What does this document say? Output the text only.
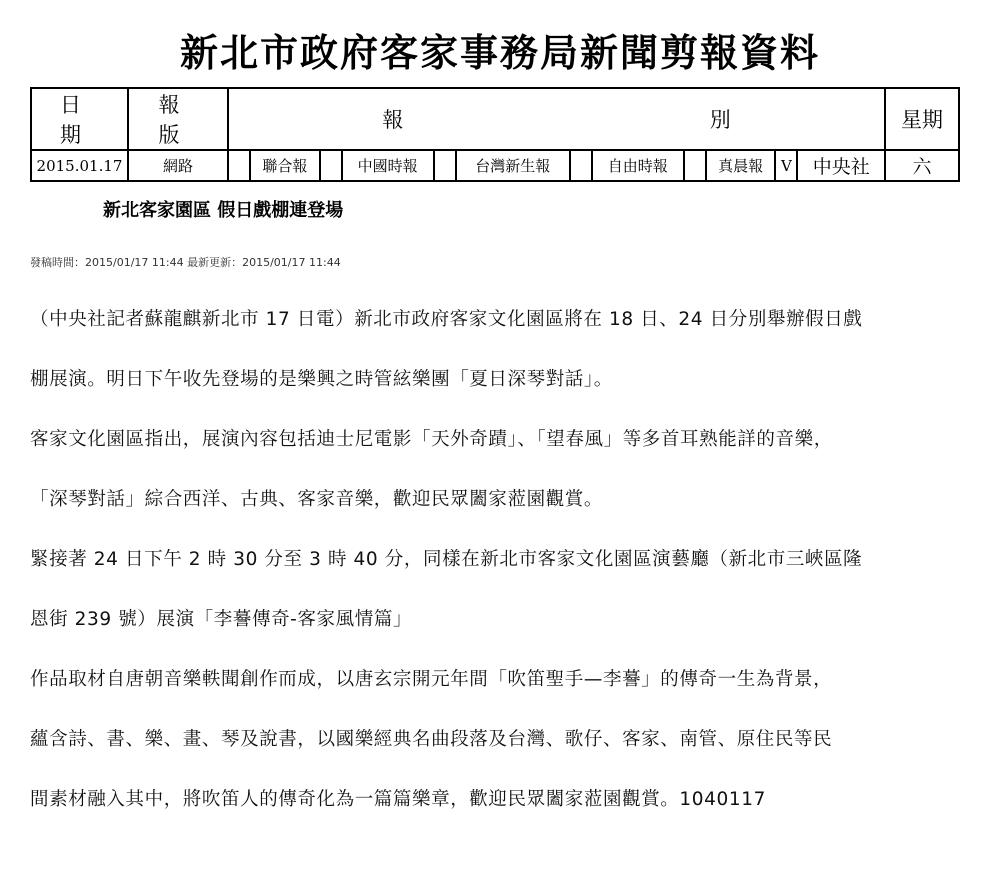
新北市政府客家事務局新聞剪報資料
日 期	報 版	報 別												星期
2015.01.17	網路		聯合報		中國時報		台灣新生報		自由時報		真晨報	V	中央社	六
新北客家園區 假日戲棚連登場
發稿時間：2015/01/17 11:44 最新更新：2015/01/17 11:44

（中央社記者蘇龍麒新北市 17 日電）新北市政府客家文化園區將在 18 日、24 日分別舉辦假日戲

棚展演。明日下午收先登場的是樂興之時管絃樂團「夏日深琴對話」。

客家文化園區指出，展演內容包括迪士尼電影「天外奇蹟」、「望春風」等多首耳熟能詳的音樂，

「深琴對話」綜合西洋、古典、客家音樂，歡迎民眾闔家蒞園觀賞。

緊接著 24 日下午 2 時 30 分至 3 時 40 分，同樣在新北市客家文化園區演藝廳（新北市三峽區隆

恩街 239 號）展演「李謩傳奇-客家風情篇」

作品取材自唐朝音樂軼聞創作而成，以唐玄宗開元年間「吹笛聖手—李謩」的傳奇一生為背景，

蘊含詩、書、樂、畫、琴及說書，以國樂經典名曲段落及台灣、歌仔、客家、南管、原住民等民

間素材融入其中，將吹笛人的傳奇化為一篇篇樂章，歡迎民眾闔家蒞園觀賞。1040117
